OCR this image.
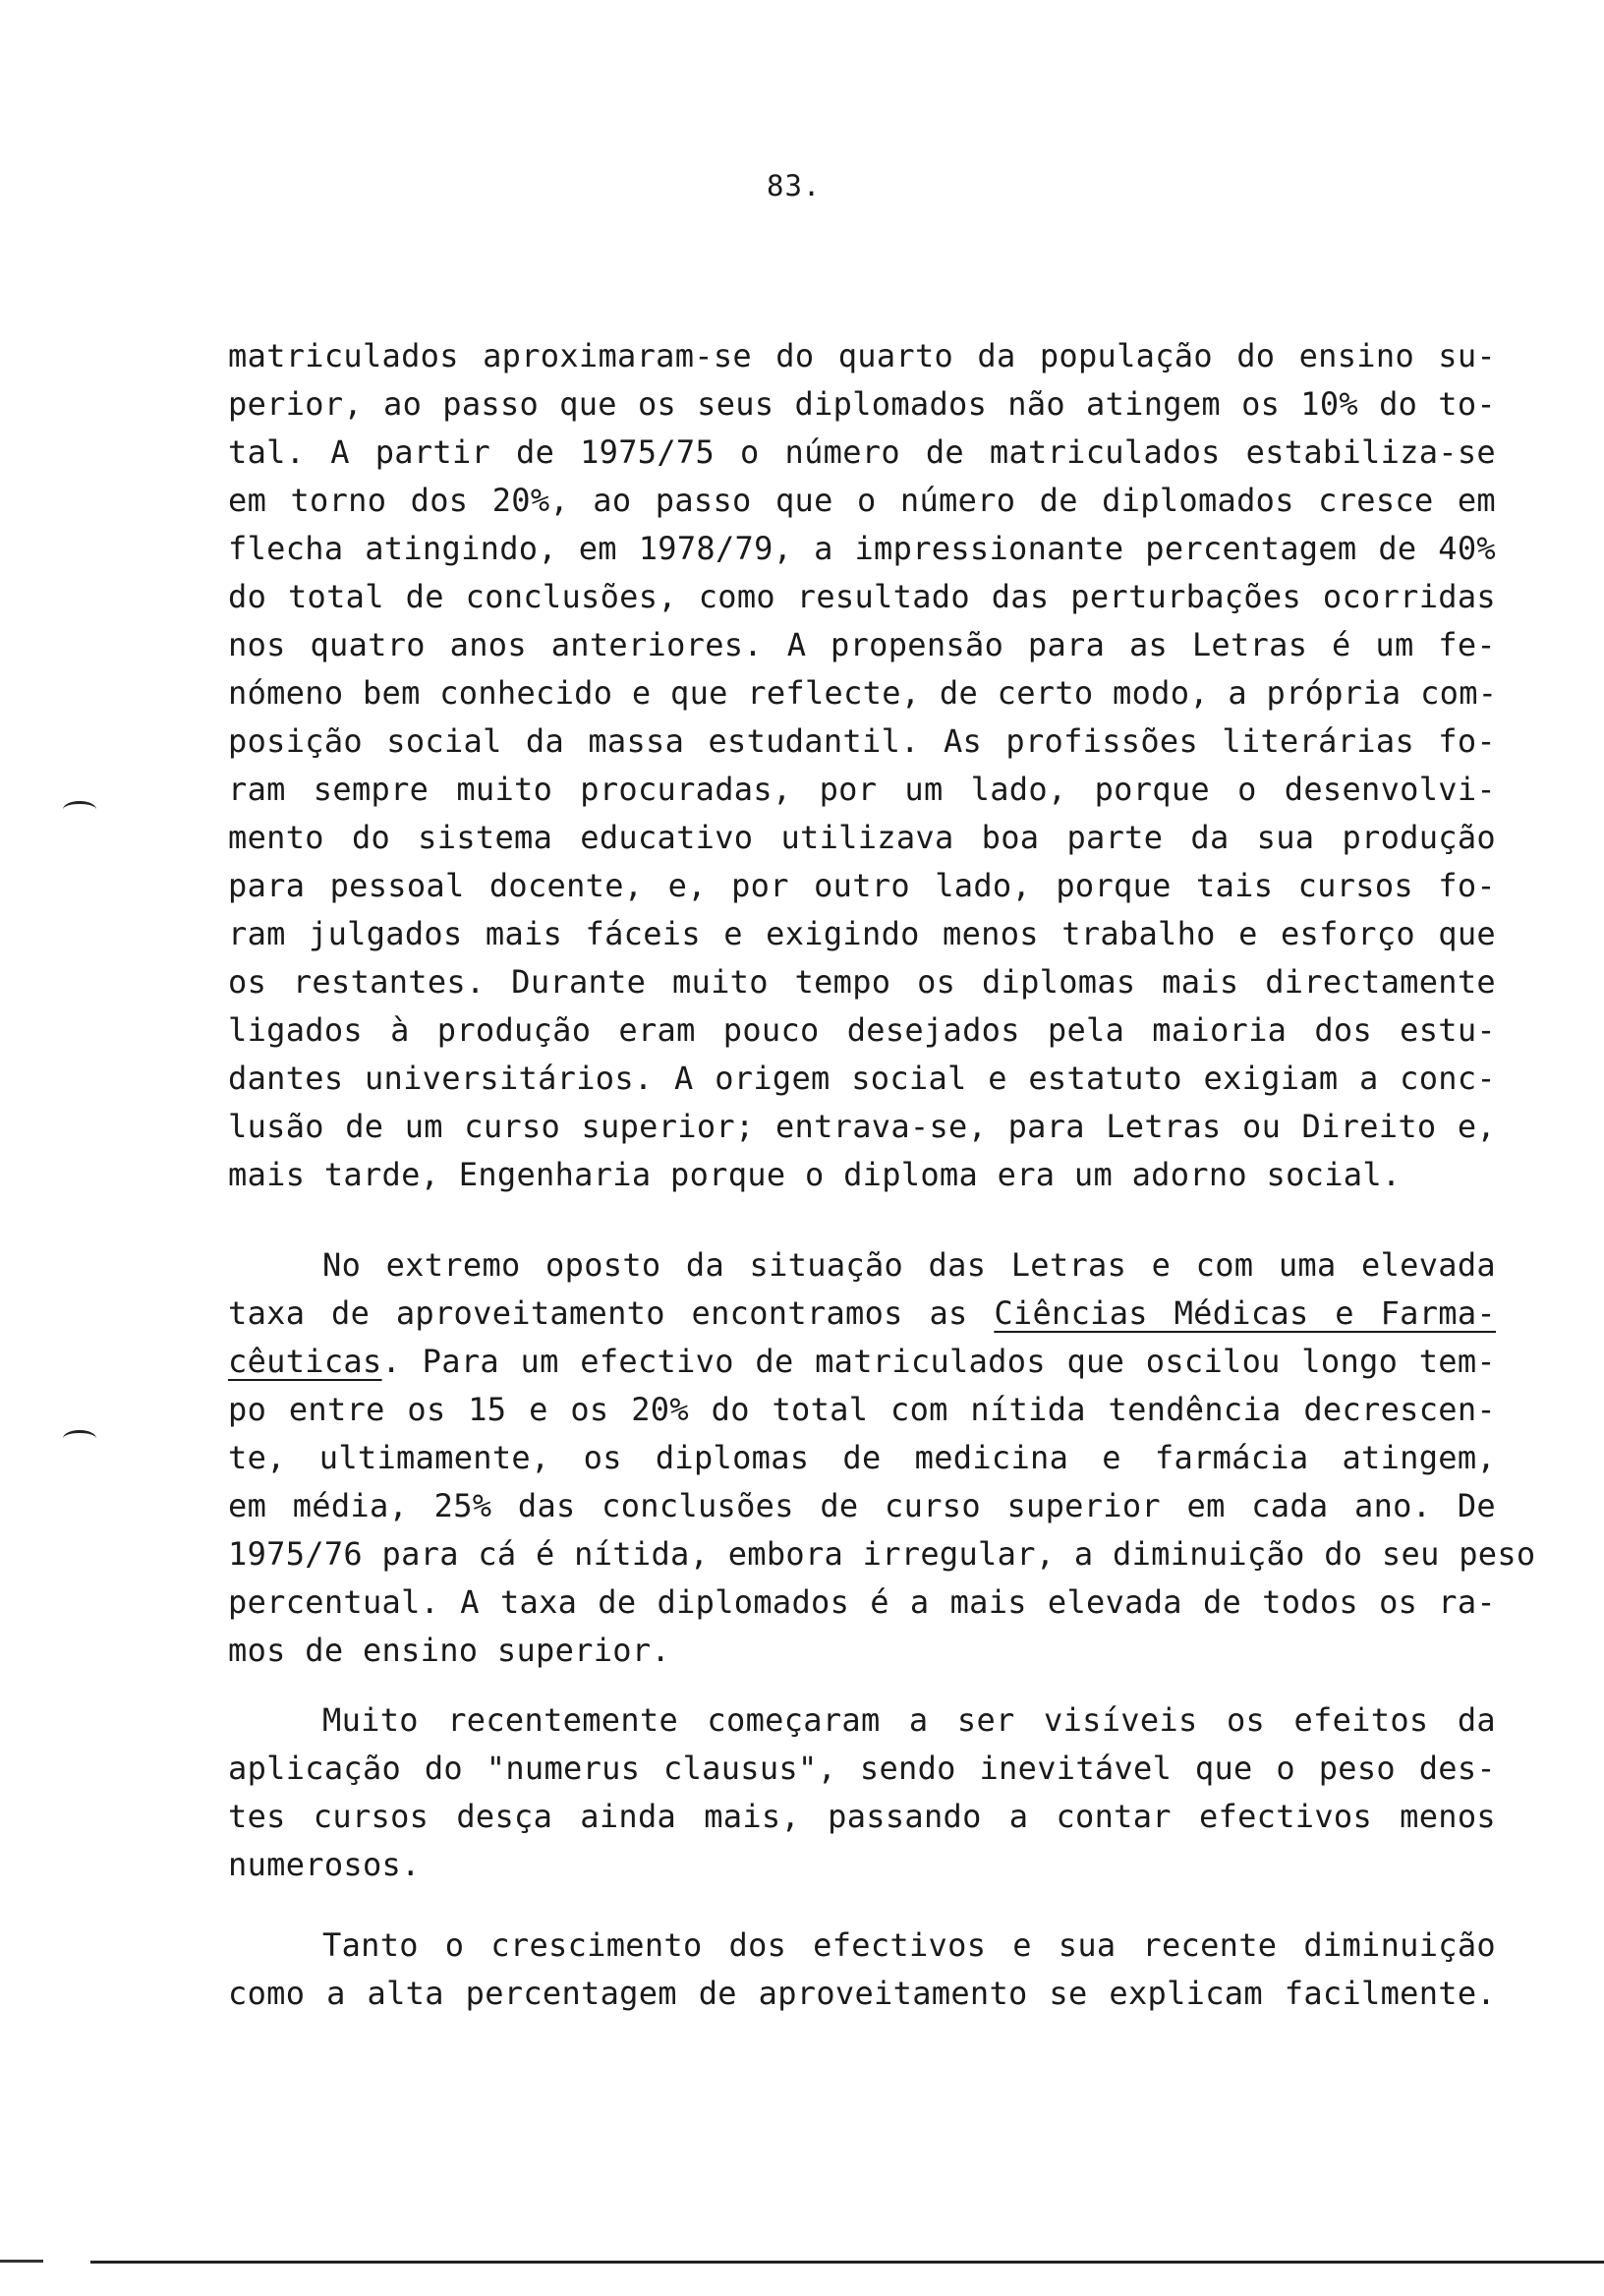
83.
matriculados aproximaram-se do quarto da população do ensino su-
perior, ao passo que os seus diplomados não atingem os 10% do to-
tal. A partir de 1975/75 o número de matriculados estabiliza-se
em torno dos 20%, ao passo que o número de diplomados cresce em
flecha atingindo, em 1978/79, a impressionante percentagem de 40%
do total de conclusões, como resultado das perturbações ocorridas
nos quatro anos anteriores. A propensão para as Letras é um fe-
nómeno bem conhecido e que reflecte, de certo modo, a própria com-
posição social da massa estudantil. As profissões literárias fo-
ram sempre muito procuradas, por um lado, porque o desenvolvi-
mento do sistema educativo utilizava boa parte da sua produção
para pessoal docente, e, por outro lado, porque tais cursos fo-
ram julgados mais fáceis e exigindo menos trabalho e esforço que
os restantes. Durante muito tempo os diplomas mais directamente
ligados à produção eram pouco desejados pela maioria dos estu-
dantes universitários. A origem social e estatuto exigiam a conc-
lusão de um curso superior; entrava-se, para Letras ou Direito e,
mais tarde, Engenharia porque o diploma era um adorno social.
No extremo oposto da situação das Letras e com uma elevada
taxa de aproveitamento encontramos as Ciências Médicas e Farma-
cêuticas. Para um efectivo de matriculados que oscilou longo tem-
po entre os 15 e os 20% do total com nítida tendência decrescen-
te, ultimamente, os diplomas de medicina e farmácia atingem,
em média, 25% das conclusões de curso superior em cada ano. De
1975/76 para cá é nítida, embora irregular, a diminuição do seu peso
percentual. A taxa de diplomados é a mais elevada de todos os ra-
mos de ensino superior.
Muito recentemente começaram a ser visíveis os efeitos da
aplicação do "numerus clausus", sendo inevitável que o peso des-
tes cursos desça ainda mais, passando a contar efectivos menos
numerosos.
Tanto o crescimento dos efectivos e sua recente diminuição
como a alta percentagem de aproveitamento se explicam facilmente.
